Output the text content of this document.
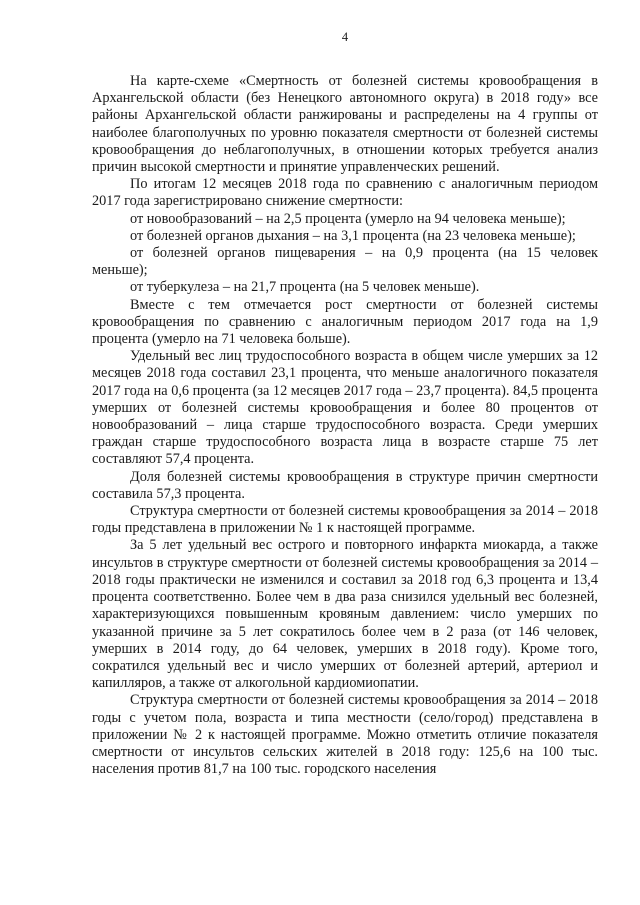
4

На карте-схеме «Смертность от болезней системы кровообращения в Архангельской области (без Ненецкого автономного округа) в 2018 году» все районы Архангельской области ранжированы и распределены на 4 группы от наиболее благополучных по уровню показателя смертности от болезней системы кровообращения до неблагополучных, в отношении которых требуется анализ причин высокой смертности и принятие управленческих решений.

По итогам 12 месяцев 2018 года по сравнению с аналогичным периодом 2017 года зарегистрировано снижение смертности:

от новообразований – на 2,5 процента (умерло на 94 человека меньше);

от болезней органов дыхания – на 3,1 процента (на 23 человека меньше);

от болезней органов пищеварения – на 0,9 процента (на 15 человек меньше);

от туберкулеза – на 21,7 процента (на 5 человек меньше).

Вместе с тем отмечается рост смертности от болезней системы кровообращения по сравнению с аналогичным периодом 2017 года на 1,9 процента (умерло на 71 человека больше).

Удельный вес лиц трудоспособного возраста в общем числе умерших за 12 месяцев 2018 года составил 23,1 процента, что меньше аналогичного показателя 2017 года на 0,6 процента (за 12 месяцев 2017 года – 23,7 процента). 84,5 процента умерших от болезней системы кровообращения и более 80 процентов от новообразований – лица старше трудоспособного возраста. Среди умерших граждан старше трудоспособного возраста лица в возрасте старше 75 лет составляют 57,4 процента.

Доля болезней системы кровообращения в структуре причин смертности составила 57,3 процента.

Структура смертности от болезней системы кровообращения за 2014 – 2018 годы представлена в приложении № 1 к настоящей программе.

За 5 лет удельный вес острого и повторного инфаркта миокарда, а также инсультов в структуре смертности от болезней системы кровообращения за 2014 – 2018 годы практически не изменился и составил за 2018 год 6,3 процента и 13,4 процента соответственно. Более чем в два раза снизился удельный вес болезней, характеризующихся повышенным кровяным давлением: число умерших по указанной причине за 5 лет сократилось более чем в 2 раза (от 146 человек, умерших в 2014 году, до 64 человек, умерших в 2018 году). Кроме того, сократился удельный вес и число умерших от болезней артерий, артериол и капилляров, а также от алкогольной кардиомиопатии.

Структура смертности от болезней системы кровообращения за 2014 – 2018 годы с учетом пола, возраста и типа местности (село/город) представлена в приложении № 2 к настоящей программе. Можно отметить отличие показателя смертности от инсультов сельских жителей в 2018 году: 125,6 на 100 тыс. населения против 81,7 на 100 тыс. городского населения
